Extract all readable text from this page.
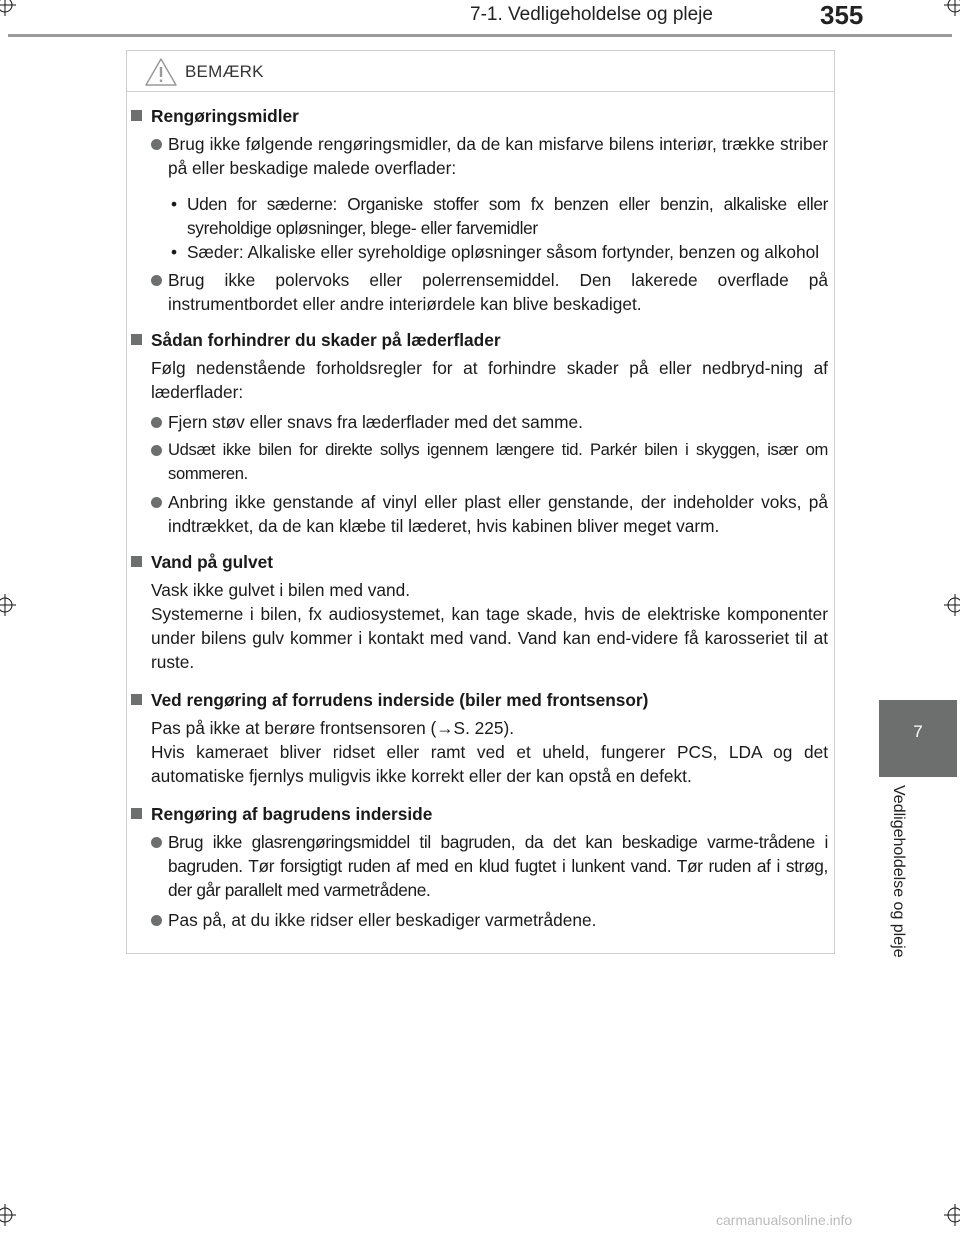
7-1. Vedligeholdelse og pleje	355
7
Vedligeholdelse og pleje
BEMÆRK
Rengøringsmidler
Brug ikke følgende rengøringsmidler, da de kan misfarve bilens interiør, trække striber på eller beskadige malede overflader:
• Uden for sæderne: Organiske stoffer som fx benzen eller benzin, alkaliske eller syreholdige opløsninger, blege- eller farvemidler
• Sæder: Alkaliske eller syreholdige opløsninger såsom fortynder, benzen og alkohol
Brug ikke polervoks eller polerrensemiddel. Den lakerede overflade på instrumentbordet eller andre interiørdele kan blive beskadiget.
Sådan forhindrer du skader på læderflader
Følg nedenstående forholdsregler for at forhindre skader på eller nedbryd-ning af læderflader:
Fjern støv eller snavs fra læderflader med det samme.
Udsæt ikke bilen for direkte sollys igennem længere tid. Parkér bilen i skyggen, især om sommeren.
Anbring ikke genstande af vinyl eller plast eller genstande, der indeholder voks, på indtrækket, da de kan klæbe til læderet, hvis kabinen bliver meget varm.
Vand på gulvet
Vask ikke gulvet i bilen med vand.
Systemerne i bilen, fx audiosystemet, kan tage skade, hvis de elektriske komponenter under bilens gulv kommer i kontakt med vand. Vand kan end-videre få karosseriet til at ruste.
Ved rengøring af forrudens inderside (biler med frontsensor)
Pas på ikke at berøre frontsensoren (→S. 225).
Hvis kameraet bliver ridset eller ramt ved et uheld, fungerer PCS, LDA og det automatiske fjernlys muligvis ikke korrekt eller der kan opstå en defekt.
Rengøring af bagrudens inderside
Brug ikke glasrengøringsmiddel til bagruden, da det kan beskadige varme-trådene i bagruden. Tør forsigtigt ruden af med en klud fugtet i lunkent vand. Tør ruden af i strøg, der går parallelt med varmetrådene.
Pas på, at du ikke ridser eller beskadiger varmetrådene.
carmanualsonline.info
